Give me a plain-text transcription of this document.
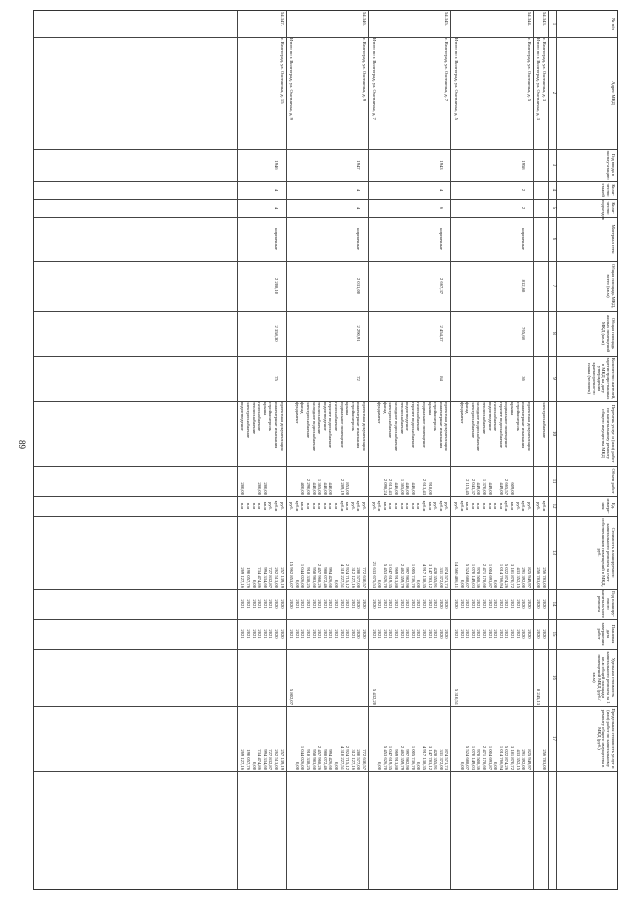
89
№ п/п
Адрес МКД
Год ввода в эксплу-атацию
Коли-чество этажей
Коли-чество подъездов
Материал стен
Общая площадь МКД, всего (кв.м)
Общая площадь жилых помещений МКД (кв.м)
Количество жителей, зарегистриро-ванных в МКД на дату утверждения краткосрочно-го плана (человек)
Перечень услуг и (или) работ по капитальному ремонту общего имущества МКД
Объем работ
Ед. измере-ния
Стоимость планируемого капитального ремонта за счет собственников помещений в МКД, руб.
Год планиру-емого капиталь-ного ремонта
Плановая дата завершения работ
Удельная стоимость капитального ремонта за 1 кв.м общей площади помещений МКД (руб./кв.м)
Предельная стоимость услуг и (или) работ по капитальному ремонту общего имущества в МКД (руб.)
1
2
3
4
5
6
7
8
9
10
11
12
13
14
15
16
17
54.343.
г. Волгоград, ул. Охотничья, д. 3
электроснабжение
куб.м
256 783,00
2020
2020
256 783,00
Итого по г. Волгоград, ул. Охотничья, д. 3
руб.
256 783,00
2020
2020
8 245,13
54.344.
г. Волгоград, ул. Охотничья, д. 5
1958
2
2
кирпичные
812,68
765,68
36
проектная документация
руб.
825 949,97
2020
2020
825 949,97
инженерные изыскания
куб.м
291 392,00
2020
2020
291 392,00
стройконтроль
руб.
433 352,15
2021
2021
433 352,15
крыша
609,00
кв.м
3 181 870,72
2021
2021
3 181 870,72
подвальное помещение
2 665,57
куб.м
5 022 874,26
2021
2021
5 022 874,26
горячее водоснабжение
449,00
п.м
1 014 766,94
2021
2021
1 014 766,94
газоснабжение
п.м
0,00
2021
2021
0,00
водоотведение
449,00
п.м
1 004 693,87
2021
2021
1 004 693,87
теплоснабжение
1 370,00
п.м
2 471 178,60
2021
2021
2 471 178,60
холодное водоснабжение
449,00
п.м
978 508,36
2021
2021
978 508,36
электроснабжение
2 043,37
п.м
1 070 149,03
2021
2021
1 070 149,03
фасад
2 115,45
кв.м
5 524 688,07
2021
2021
5 524 688,07
фундамент
куб.м
0,00
2021
2021
0,00
Итого по г. Волгоград, ул. Охотничья, д. 5
руб.
14 560 406,11
2020
2021
5 310,51
54.345.
г. Волгоград, ул. Охотничья, д. 7
1943
4
6
кирпичные
2 667,37
2 454,37
84
проектная документация
руб.
874 571,73
2020
2020
874 571,73
инженерные изыскания
куб.м
331 372,00
2020
2020
331 372,00
стройконтроль
руб.
428 355,91
2021
2021
428 355,91
крыша
918,00
кв.м
3 147 783,12
2021
2021
3 147 783,12
подвальное помещение
2 613,43
куб.м
4 917 138,35
2021
2021
4 917 138,35
газоснабжение
п.м
0,00
2021
2021
0,00
горячее водоснабжение
446,00
п.м
1 005 736,70
2021
2021
1 005 736,70
водоотведение
446,00
п.м
997 982,98
2021
2021
997 982,98
теплоснабжение
1 365,00
п.м
2 462 359,79
2021
2021
2 462 359,79
холодное водоснабжение
446,00
п.м
969 913,88
2021
2021
969 913,88
электроснабжение
2 613,43
п.м
1 047 619,35
2021
2021
1 047 619,35
фасад
2 098,24
кв.м
5 453 626,70
2021
2021
5 453 626,70
фундамент
куб.м
0,00
2021
2021
0,00
Итого по г. Волгоград, ул. Охотничья, д. 7
руб.
21 633 675,53
2020
2021
5 432,20
54.346.
г. Волгоград, ул. Охотничья, д. 9
1947
4
4
кирпичные
2 031,00
2 290,91
72
проектная документация
руб.
772 630,57
2020
2020
772 630,57
инженерные изыскания
куб.м
280 577,00
2020
2020
280 577,00
стройконтроль
руб.
312 127,16
2021
2021
312 127,16
крыша
853,00
кв.м
2 924 715,12
2021
2021
2 924 715,12
подвальное помещение
2 289,19
куб.м
4 310 227,51
2021
2021
4 310 227,51
газоснабжение
п.м
0,00
2021
2021
0,00
горячее водоснабжение
440,00
п.м
994 426,60
2021
2021
994 426,60
водоотведение
440,00
п.м
988 072,46
2021
2021
988 072,46
теплоснабжение
1 365,00
п.м
2 457 968,26
2021
2021
2 457 968,26
холодное водоснабжение
440,00
п.м
958 983,60
2021
2021
958 983,60
электроснабжение
2 290,00
п.м
918 338,25
2021
2021
918 338,25
фасад
400,00
кв.м
1 044 026,00
2021
2021
1 044 026,00
фундамент
куб.м
0,00
2021
2021
0,00
Итого по г. Волгоград, ул. Охотничья, д. 9
руб.
15 962 853,07
2020
2021
5 802,07
54.347.
г. Волгоград, ул. Охотничья, д. 15
1946
4
4
кирпичные
2 208,10
2 358,30
75
проектная документация
руб.
257 139,19
2020
2020
257 139,19
инженерные изыскания
куб.м
262 513,00
2020
2020
262 513,00
стройконтроль
руб.
727 832,87
2021
2021
727 832,87
крыша
280,00
кв.м
994 334,60
2021
2021
994 334,60
газоснабжение
280,00
п.м
734 474,86
2021
2021
734 474,86
теплоснабжение
п.м
0,00
2021
2021
0,00
электроснабжение
п.м
190 057,76
2021
2021
190 057,76
водоотведение
280,00
п.м
269 127,16
2021
2021
269 127,16
